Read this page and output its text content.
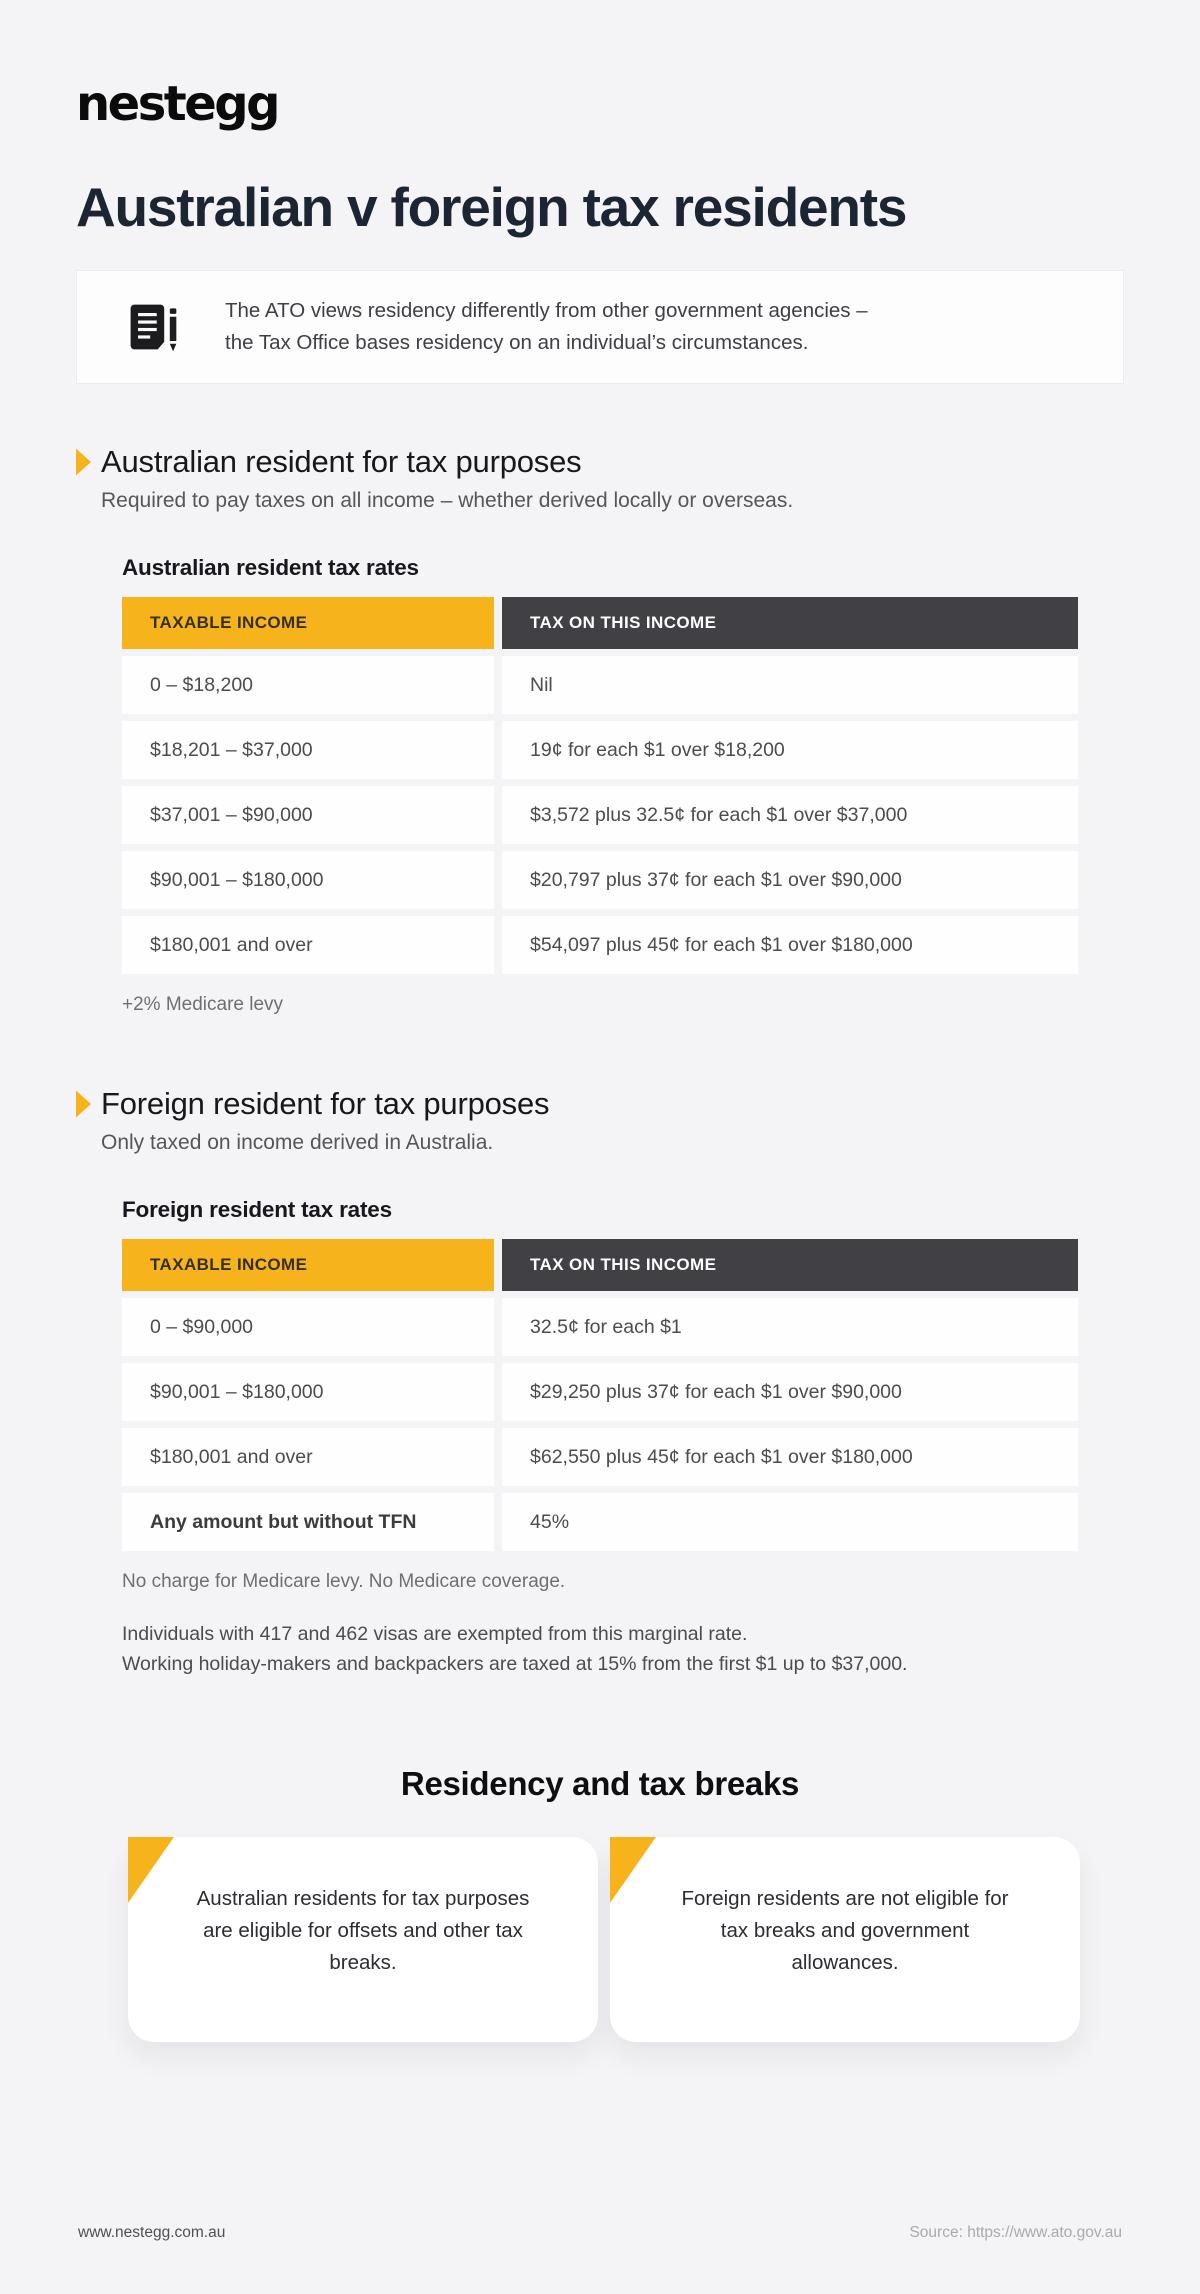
nestegg
Australian v foreign tax residents
The ATO views residency differently from other government agencies –
the Tax Office bases residency on an individual’s circumstances.
Australian resident for tax purposes
Required to pay taxes on all income – whether derived locally or overseas.
Australian resident tax rates
TAXABLE INCOME	TAX ON THIS INCOME
0 – $18,200	Nil
$18,201 – $37,000	19¢ for each $1 over $18,200
$37,001 – $90,000	$3,572 plus 32.5¢ for each $1 over $37,000
$90,001 – $180,000	$20,797 plus 37¢ for each $1 over $90,000
$180,001 and over	$54,097 plus 45¢ for each $1 over $180,000
+2% Medicare levy
Foreign resident for tax purposes
Only taxed on income derived in Australia.
Foreign resident tax rates
TAXABLE INCOME	TAX ON THIS INCOME
0 – $90,000	32.5¢ for each $1
$90,001 – $180,000	$29,250 plus 37¢ for each $1 over $90,000
$180,001 and over	$62,550 plus 45¢ for each $1 over $180,000
Any amount but without TFN	45%
No charge for Medicare levy. No Medicare coverage.
Individuals with 417 and 462 visas are exempted from this marginal rate.
Working holiday-makers and backpackers are taxed at 15% from the first $1 up to $37,000.
Residency and tax breaks
Australian residents for tax purposes are eligible for offsets and other tax breaks.
Foreign residents are not eligible for tax breaks and government allowances.
www.nestegg.com.au	Source: https://www.ato.gov.au
